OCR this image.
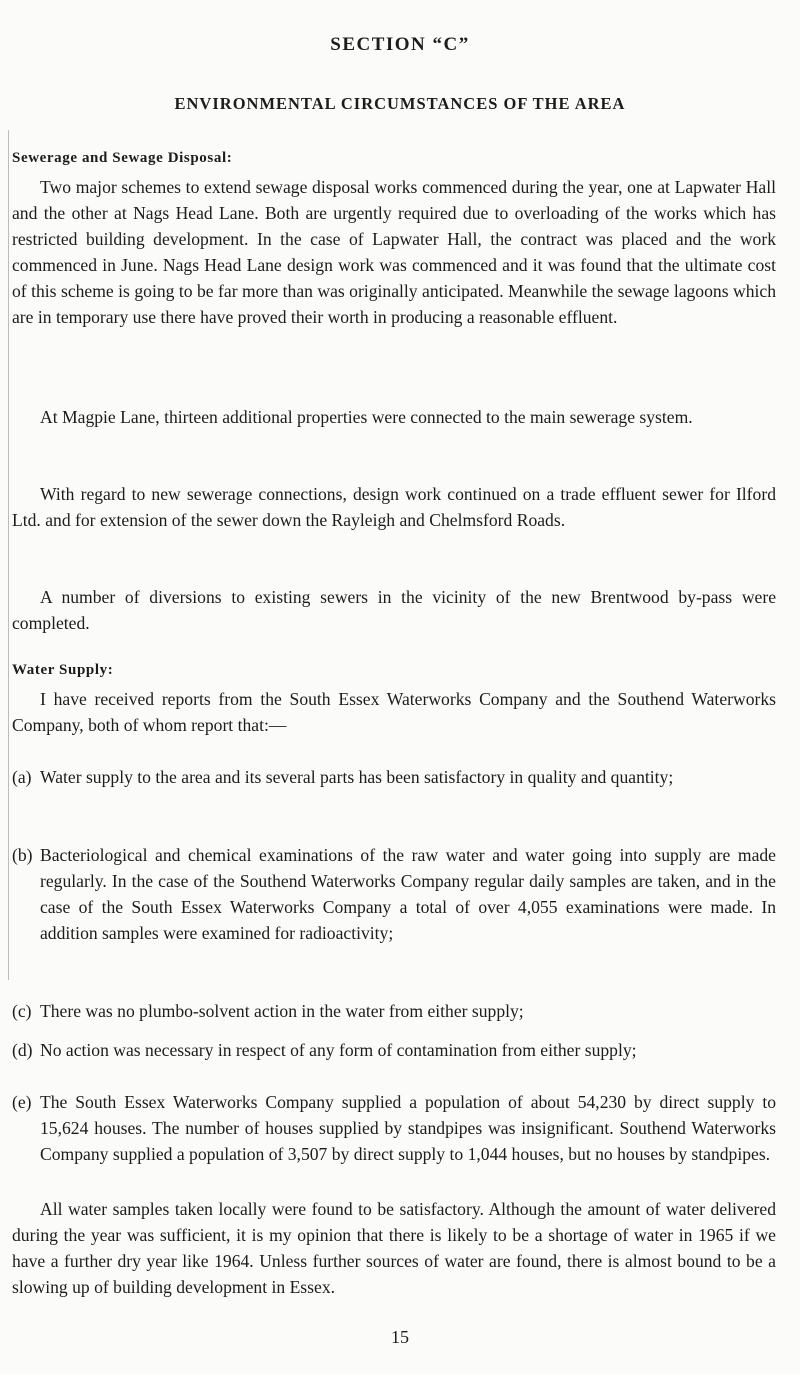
SECTION “C”
ENVIRONMENTAL CIRCUMSTANCES OF THE AREA
Sewerage and Sewage Disposal:

Two major schemes to extend sewage disposal works commenced during the year, one at Lapwater Hall and the other at Nags Head Lane. Both are urgently required due to overloading of the works which has restricted building development. In the case of Lapwater Hall, the contract was placed and the work commenced in June. Nags Head Lane design work was commenced and it was found that the ultimate cost of this scheme is going to be far more than was originally anticipated. Meanwhile the sewage lagoons which are in temporary use there have proved their worth in producing a reasonable effluent.

At Magpie Lane, thirteen additional properties were connected to the main sewerage system.

With regard to new sewerage connections, design work continued on a trade effluent sewer for Ilford Ltd. and for extension of the sewer down the Rayleigh and Chelmsford Roads.

A number of diversions to existing sewers in the vicinity of the new Brentwood by-pass were completed.

Water Supply:

I have received reports from the South Essex Waterworks Company and the Southend Waterworks Company, both of whom report that:—

(a) Water supply to the area and its several parts has been satisfactory in quality and quantity;
(b) Bacteriological and chemical examinations of the raw water and water going into supply are made regularly. In the case of the Southend Waterworks Company regular daily samples are taken, and in the case of the South Essex Waterworks Company a total of over 4,055 examinations were made. In addition samples were examined for radioactivity;
(c) There was no plumbo-solvent action in the water from either supply;
(d) No action was necessary in respect of any form of contamination from either supply;
(e) The South Essex Waterworks Company supplied a population of about 54,230 by direct supply to 15,624 houses. The number of houses supplied by standpipes was insignificant. Southend Waterworks Company supplied a population of 3,507 by direct supply to 1,044 houses, but no houses by standpipes.

All water samples taken locally were found to be satisfactory. Although the amount of water delivered during the year was sufficient, it is my opinion that there is likely to be a shortage of water in 1965 if we have a further dry year like 1964. Unless further sources of water are found, there is almost bound to be a slowing up of building development in Essex.

15
